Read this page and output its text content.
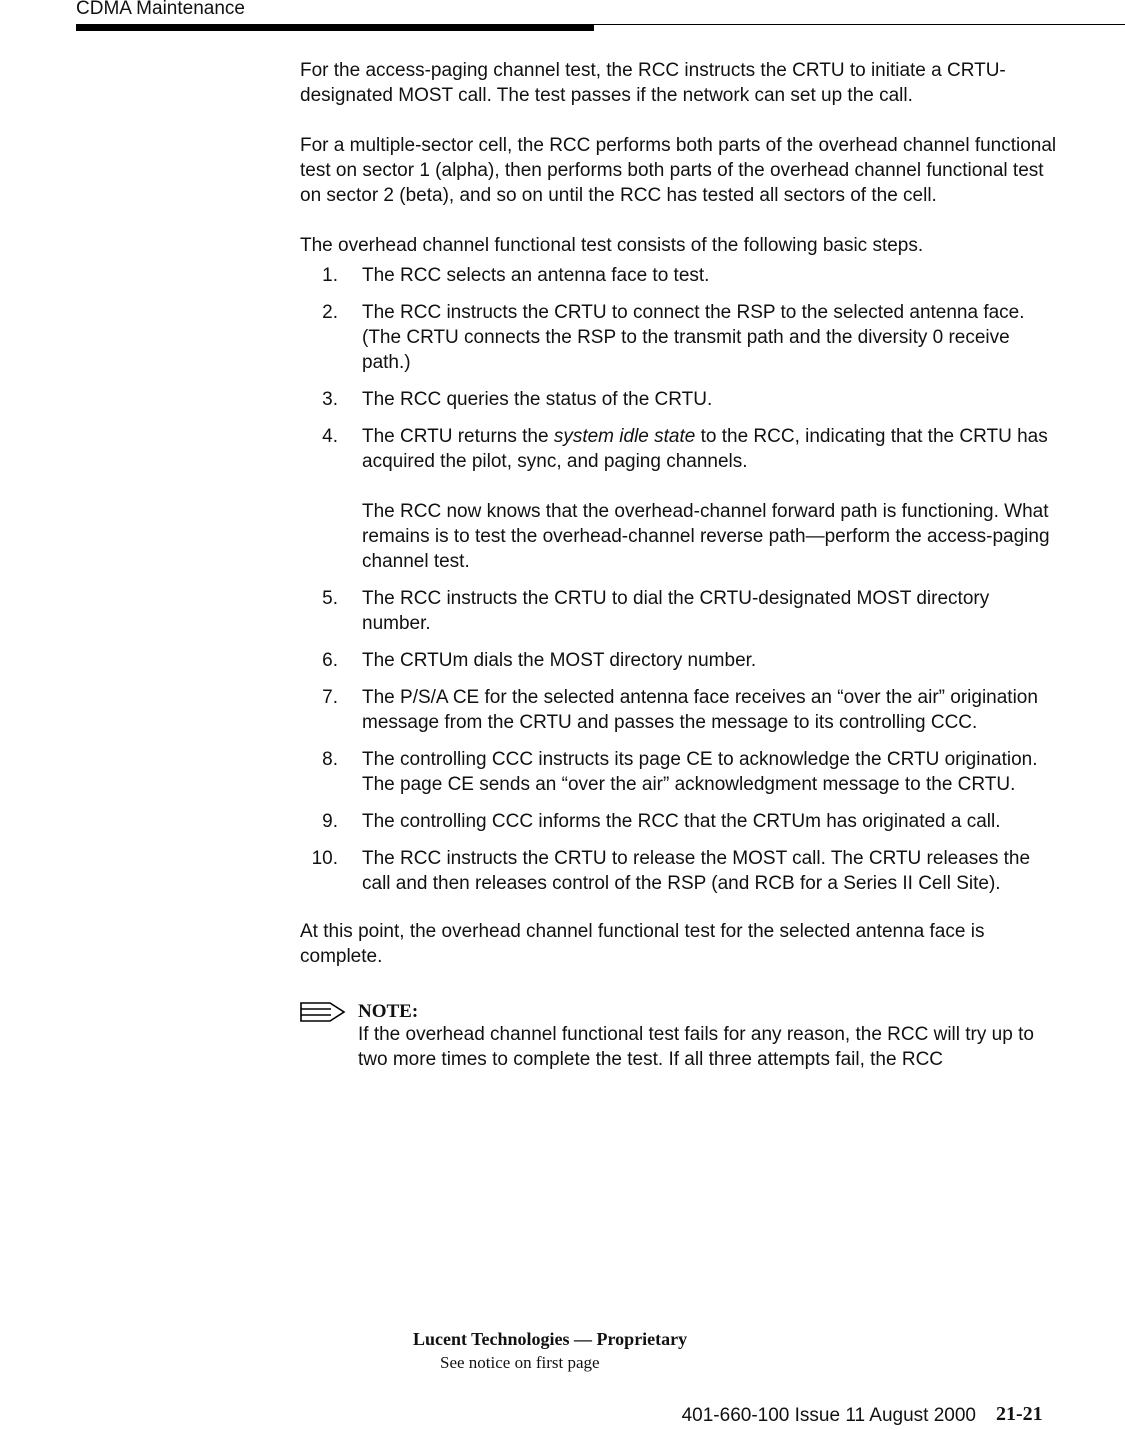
CDMA Maintenance

For the access-paging channel test, the RCC instructs the CRTU to initiate a CRTU-designated MOST call. The test passes if the network can set up the call.

For a multiple-sector cell, the RCC performs both parts of the overhead channel functional test on sector 1 (alpha), then performs both parts of the overhead channel functional test on sector 2 (beta), and so on until the RCC has tested all sectors of the cell.

The overhead channel functional test consists of the following basic steps.

1. The RCC selects an antenna face to test.
2. The RCC instructs the CRTU to connect the RSP to the selected antenna face. (The CRTU connects the RSP to the transmit path and the diversity 0 receive path.)
3. The RCC queries the status of the CRTU.
4. The CRTU returns the system idle state to the RCC, indicating that the CRTU has acquired the pilot, sync, and paging channels.
The RCC now knows that the overhead-channel forward path is functioning. What remains is to test the overhead-channel reverse path—perform the access-paging channel test.
5. The RCC instructs the CRTU to dial the CRTU-designated MOST directory number.
6. The CRTUm dials the MOST directory number.
7. The P/S/A CE for the selected antenna face receives an “over the air” origination message from the CRTU and passes the message to its controlling CCC.
8. The controlling CCC instructs its page CE to acknowledge the CRTU origination. The page CE sends an “over the air” acknowledgment message to the CRTU.
9. The controlling CCC informs the RCC that the CRTUm has originated a call.
10. The RCC instructs the CRTU to release the MOST call. The CRTU releases the call and then releases control of the RSP (and RCB for a Series II Cell Site).

At this point, the overhead channel functional test for the selected antenna face is complete.

NOTE:

If the overhead channel functional test fails for any reason, the RCC will try up to two more times to complete the test. If all three attempts fail, the RCC

Lucent Technologies — Proprietary
See notice on first page
401-660-100 Issue 11 August 2000 21-21
